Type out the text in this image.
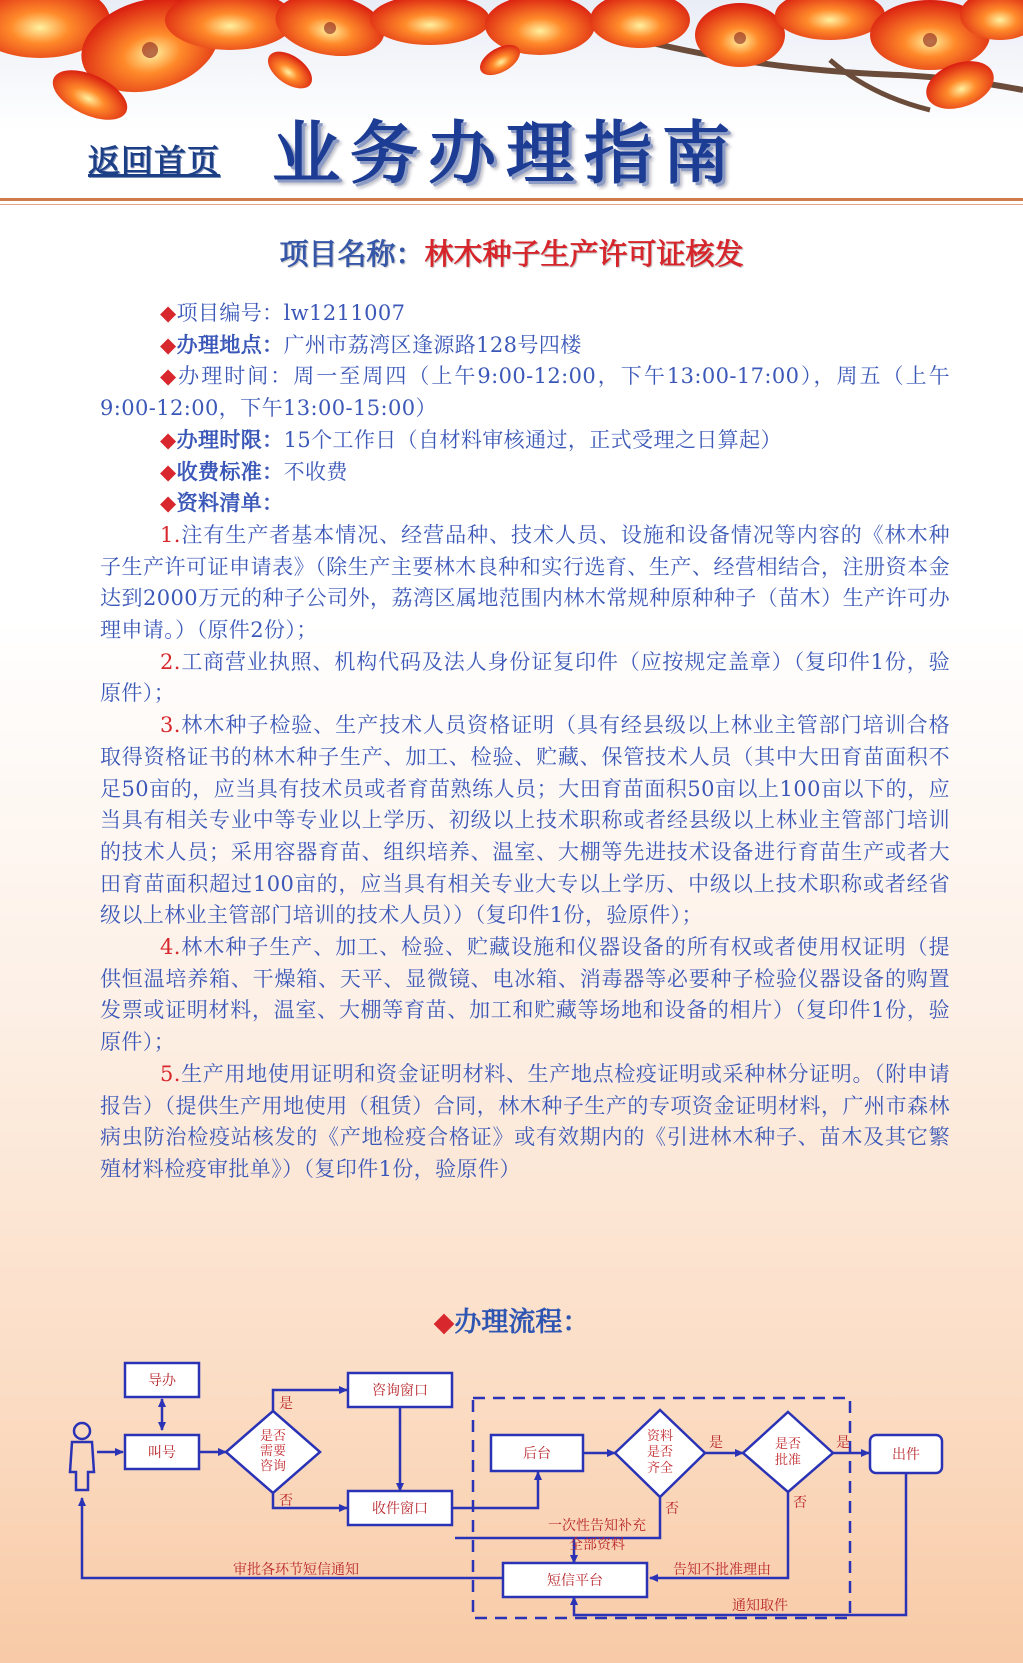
返回首页 业务办理指南
项目名称：林木种子生产许可证核发

◆项目编号：lw1211007

◆办理地点：广州市荔湾区逢源路128号四楼

◆办理时间：周一至周四（上午9:00-12:00，下午13:00-17:00），周五（上午9:00-12:00，下午13:00-15:00）

◆办理时限：15个工作日（自材料审核通过，正式受理之日算起）

◆收费标准：不收费

◆资料清单：

1.注有生产者基本情况、经营品种、技术人员、设施和设备情况等内容的《林木种子生产许可证申请表》（除生产主要林木良种和实行选育、生产、经营相结合，注册资本金达到2000万元的种子公司外，荔湾区属地范围内林木常规种原种种子（苗木）生产许可办理申请。）（原件2份）；

2.工商营业执照、机构代码及法人身份证复印件（应按规定盖章）（复印件1份，验原件）；

3.林木种子检验、生产技术人员资格证明（具有经县级以上林业主管部门培训合格取得资格证书的林木种子生产、加工、检验、贮藏、保管技术人员（其中大田育苗面积不足50亩的，应当具有技术员或者育苗熟练人员；大田育苗面积50亩以上100亩以下的，应当具有相关专业中等专业以上学历、初级以上技术职称或者经县级以上林业主管部门培训的技术人员；采用容器育苗、组织培养、温室、大棚等先进技术设备进行育苗生产或者大田育苗面积超过100亩的，应当具有相关专业大专以上学历、中级以上技术职称或者经省级以上林业主管部门培训的技术人员））（复印件1份，验原件）；

4.林木种子生产、加工、检验、贮藏设施和仪器设备的所有权或者使用权证明（提供恒温培养箱、干燥箱、天平、显微镜、电冰箱、消毒器等必要种子检验仪器设备的购置发票或证明材料，温室、大棚等育苗、加工和贮藏等场地和设备的相片）（复印件1份，验原件）；

5.生产用地使用证明和资金证明材料、生产地点检疫证明或采种林分证明。（附申请报告）（提供生产用地使用（租赁）合同，林木种子生产的专项资金证明材料，广州市森林病虫防治检疫站核发的《产地检疫合格证》或有效期内的《引进林木种子、苗木及其它繁殖材料检疫审批单》）（复印件1份，验原件）

◆办理流程：
导办
叫号
是否
需要
咨询
咨询窗口
收件窗口
后台
资料
是否
齐全
是否
批准	出件
短信平台
是
否
是
否
是
否
一次性告知补充
全部资料
审批各环节短信通知	告知不批准理由
通知取件
